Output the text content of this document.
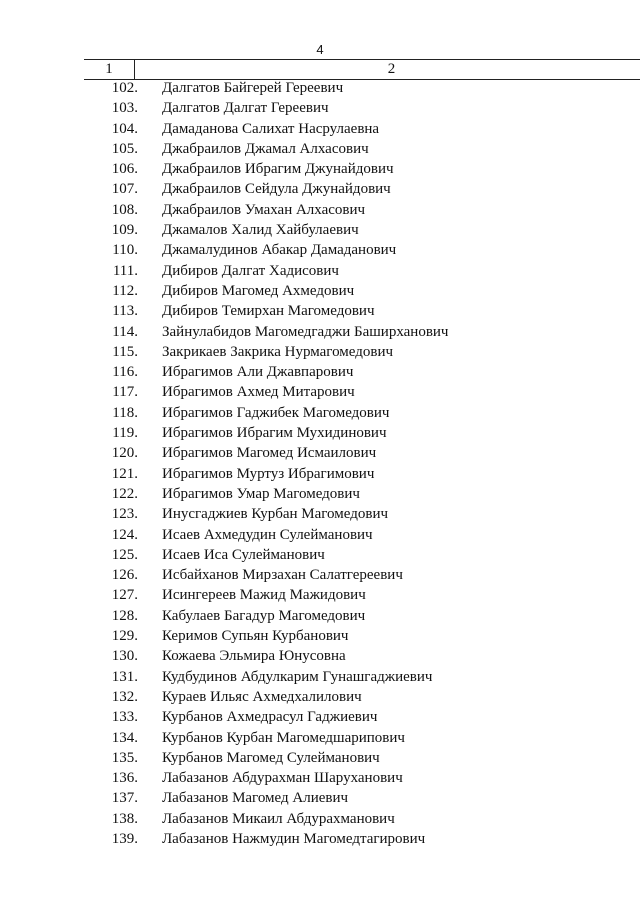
4
1	2
102. Далгатов Байгерей Гереевич
103. Далгатов Далгат Гереевич
104. Дамаданова Салихат Насрулаевна
105. Джабраилов Джамал Алхасович
106. Джабраилов Ибрагим Джунайдович
107. Джабраилов Сейдула Джунайдович
108. Джабраилов Умахан Алхасович
109. Джамалов Халид Хайбулаевич
110. Джамалудинов Абакар Дамаданович
111. Дибиров Далгат Хадисович
112. Дибиров Магомед Ахмедович
113. Дибиров Темирхан Магомедович
114. Зайнулабидов Магомедгаджи Баширханович
115. Закрикаев Закрика Нурмагомедович
116. Ибрагимов Али Джавпарович
117. Ибрагимов Ахмед Митарович
118. Ибрагимов Гаджибек Магомедович
119. Ибрагимов Ибрагим Мухидинович
120. Ибрагимов Магомед Исмаилович
121. Ибрагимов Муртуз Ибрагимович
122. Ибрагимов Умар Магомедович
123. Инусгаджиев Курбан Магомедович
124. Исаев Ахмедудин Сулейманович
125. Исаев Иса Сулейманович
126. Исбайханов Мирзахан Салатгереевич
127. Исингереев Мажид Мажидович
128. Кабулаев Багадур Магомедович
129. Керимов Супьян Курбанович
130. Кожаева Эльмира Юнусовна
131. Кудбудинов Абдулкарим Гунашгаджиевич
132. Кураев Ильяс Ахмедхалилович
133. Курбанов Ахмедрасул Гаджиевич
134. Курбанов Курбан Магомедшарипович
135. Курбанов Магомед Сулейманович
136. Лабазанов Абдурахман Шаруханович
137. Лабазанов Магомед Алиевич
138. Лабазанов Микаил Абдурахманович
139. Лабазанов Нажмудин Магомедтагирович
